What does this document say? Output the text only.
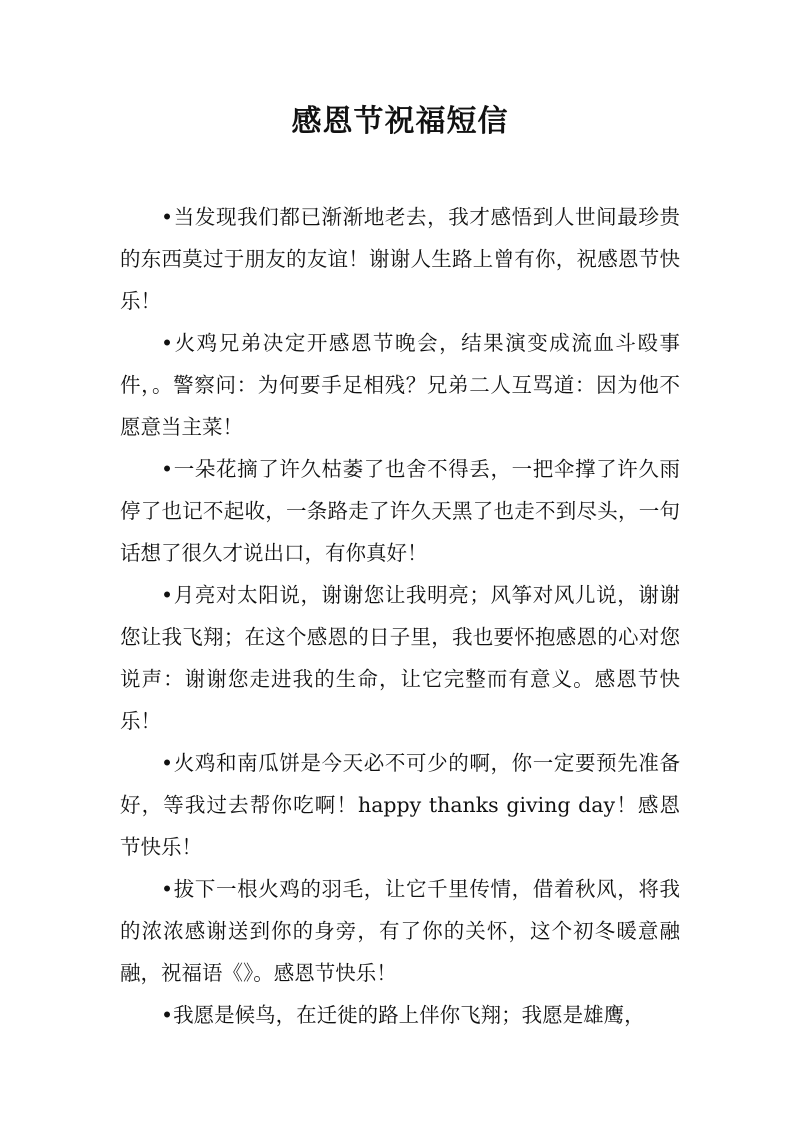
感恩节祝福短信

•当发现我们都已渐渐地老去，我才感悟到人世间最珍贵的东西莫过于朋友的友谊！谢谢人生路上曾有你，祝感恩节快乐！

•火鸡兄弟决定开感恩节晚会，结果演变成流血斗殴事件，。警察问：为何要手足相残？兄弟二人互骂道：因为他不愿意当主菜！

•一朵花摘了许久枯萎了也舍不得丢，一把伞撑了许久雨停了也记不起收，一条路走了许久天黑了也走不到尽头，一句话想了很久才说出口，有你真好！

•月亮对太阳说，谢谢您让我明亮；风筝对风儿说，谢谢您让我飞翔；在这个感恩的日子里，我也要怀抱感恩的心对您说声：谢谢您走进我的生命，让它完整而有意义。感恩节快乐！

•火鸡和南瓜饼是今天必不可少的啊，你一定要预先准备好，等我过去帮你吃啊！happy thanks giving day！感恩节快乐！

•拔下一根火鸡的羽毛，让它千里传情，借着秋风，将我的浓浓感谢送到你的身旁，有了你的关怀，这个初冬暖意融融，祝福语《》。感恩节快乐！

•我愿是候鸟，在迁徙的路上伴你飞翔；我愿是雄鹰，
